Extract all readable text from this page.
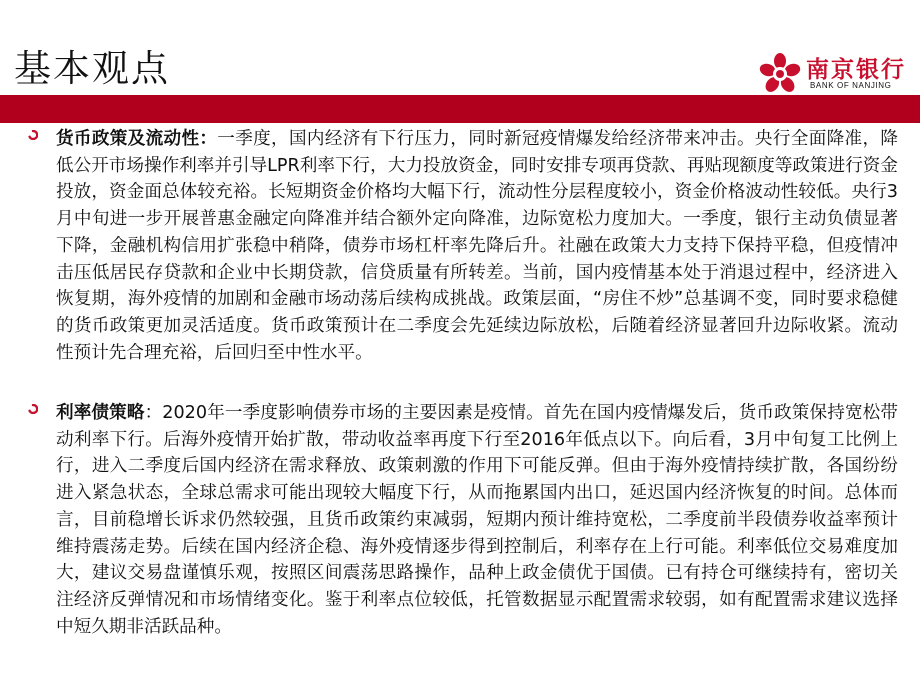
基本观点	南京银行
BANK OF NANJING

货币政策及流动性：一季度，国内经济有下行压力，同时新冠疫情爆发给经济带来冲击。央行全面降准，降低公开市场操作利率并引导LPR利率下行，大力投放资金，同时安排专项再贷款、再贴现额度等政策进行资金投放，资金面总体较充裕。长短期资金价格均大幅下行，流动性分层程度较小，资金价格波动性较低。央行3月中旬进一步开展普惠金融定向降准并结合额外定向降准，边际宽松力度加大。一季度，银行主动负债显著下降，金融机构信用扩张稳中稍降，债券市场杠杆率先降后升。社融在政策大力支持下保持平稳，但疫情冲击压低居民存贷款和企业中长期贷款，信贷质量有所转差。当前，国内疫情基本处于消退过程中，经济进入恢复期，海外疫情的加剧和金融市场动荡后续构成挑战。政策层面，“房住不炒”总基调不变，同时要求稳健的货币政策更加灵活适度。货币政策预计在二季度会先延续边际放松，后随着经济显著回升边际收紧。流动性预计先合理充裕，后回归至中性水平。

利率债策略：2020年一季度影响债券市场的主要因素是疫情。首先在国内疫情爆发后，货币政策保持宽松带动利率下行。后海外疫情开始扩散，带动收益率再度下行至2016年低点以下。向后看，3月中旬复工比例上行，进入二季度后国内经济在需求释放、政策刺激的作用下可能反弹。但由于海外疫情持续扩散，各国纷纷进入紧急状态，全球总需求可能出现较大幅度下行，从而拖累国内出口，延迟国内经济恢复的时间。总体而言，目前稳增长诉求仍然较强，且货币政策约束减弱，短期内预计维持宽松，二季度前半段债券收益率预计维持震荡走势。后续在国内经济企稳、海外疫情逐步得到控制后，利率存在上行可能。利率低位交易难度加大，建议交易盘谨慎乐观，按照区间震荡思路操作，品种上政金债优于国债。已有持仓可继续持有，密切关注经济反弹情况和市场情绪变化。鉴于利率点位较低，托管数据显示配置需求较弱，如有配置需求建议选择中短久期非活跃品种。
